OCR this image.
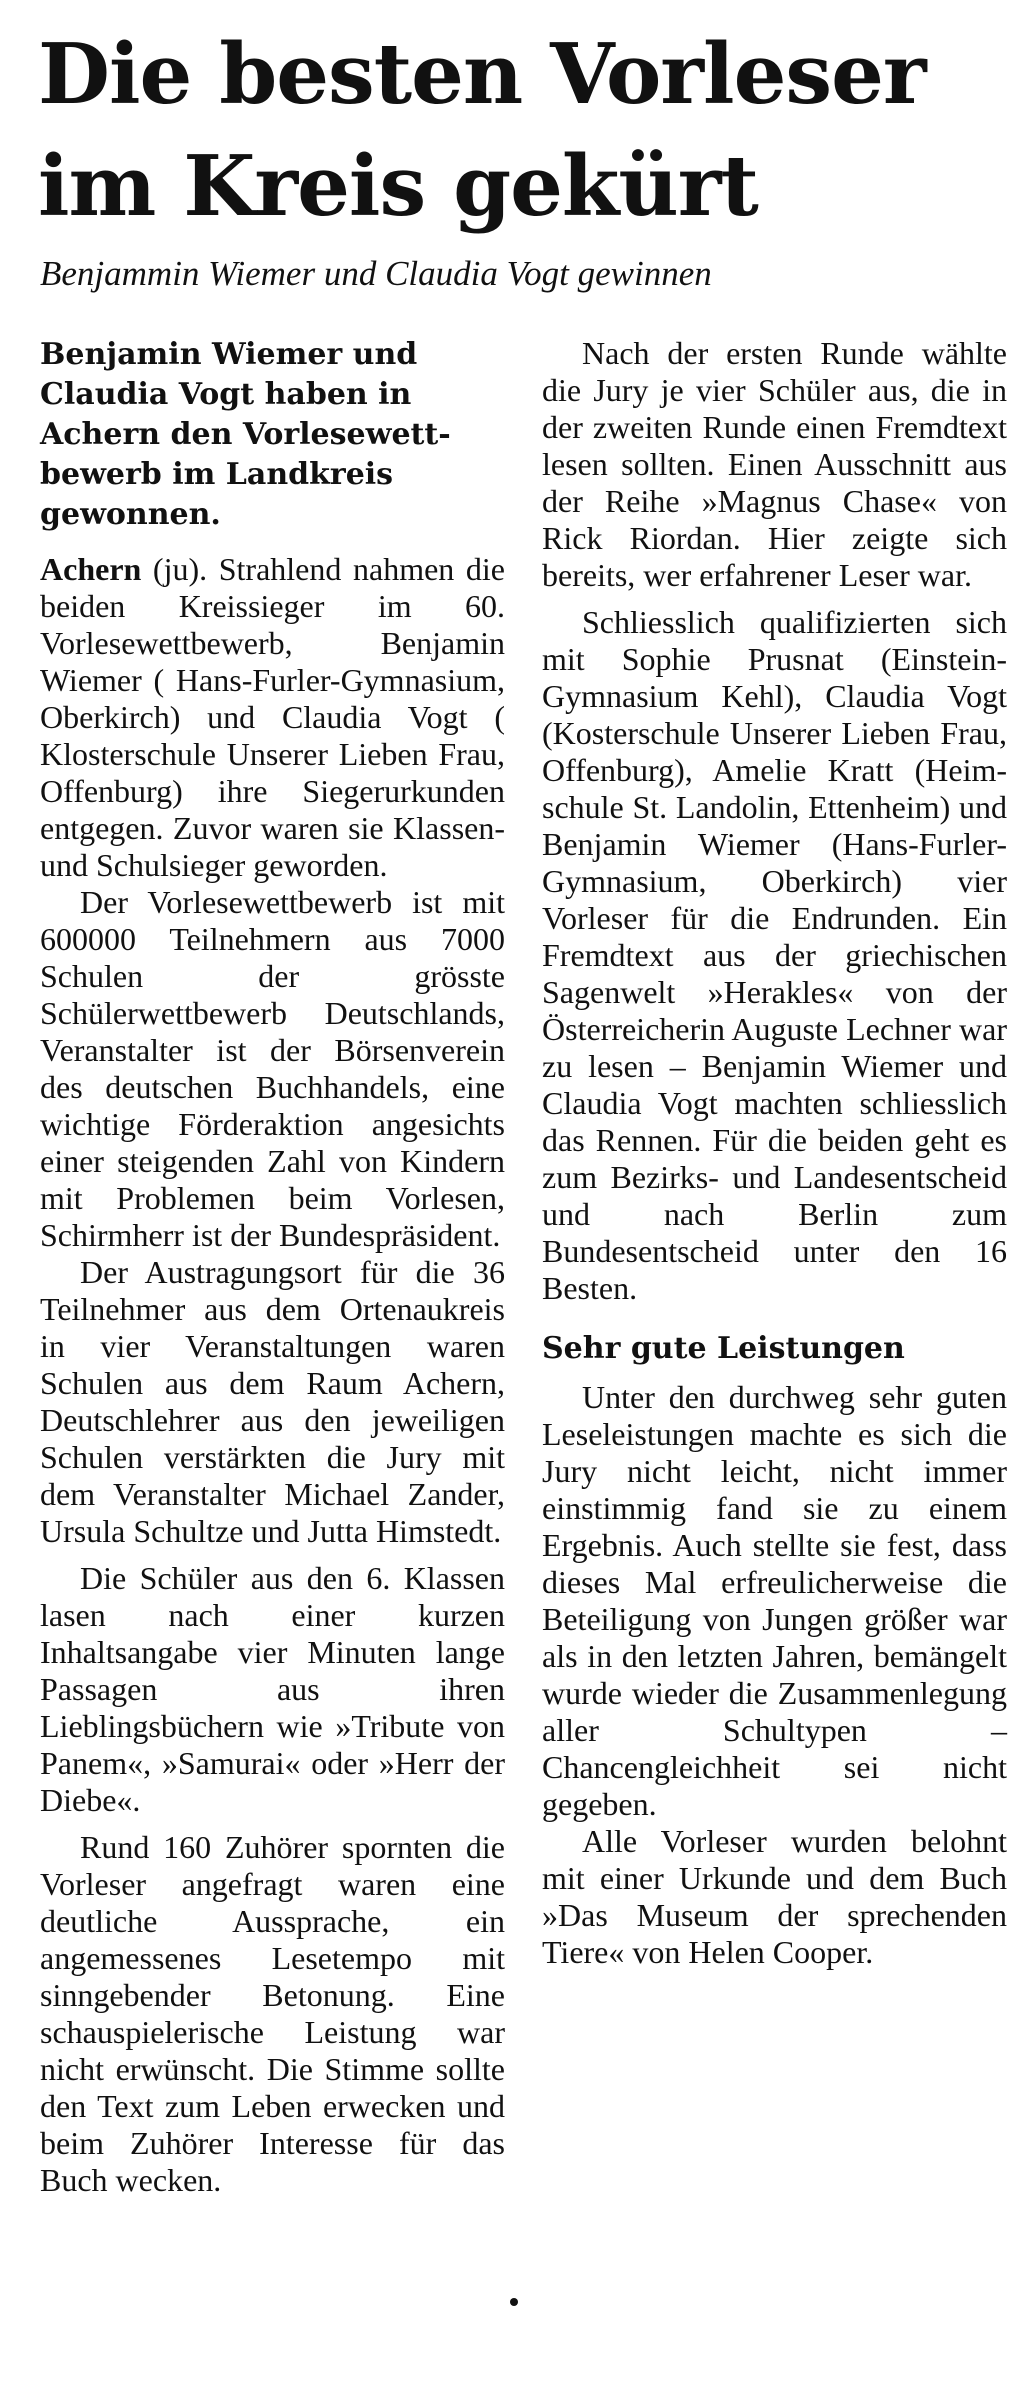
Die besten Vorleser im Kreis gekürt
Benjammin Wiemer und Claudia Vogt gewinnen
Benjamin Wiemer und Claudia Vogt haben in Achern den Vorlesewettbewerb im Landkreis gewonnen.

Achern (ju). Strahlend nahmen die beiden Kreissieger im 60. Vorlesewettbewerb, Benjamin Wiemer ( Hans-Furler-Gymnasium, Oberkirch) und Claudia Vogt ( Klosterschule Unserer Lieben Frau, Offenburg) ihre Siegerurkunden entgegen. Zuvor waren sie Klassen- und Schulsieger geworden.

Der Vorlesewettbewerb ist mit 600000 Teilnehmern aus 7000 Schulen der grösste Schülerwettbewerb Deutschlands, Veranstalter ist der Börsenverein des deutschen Buchhandels, eine wichtige Förderaktion angesichts einer steigenden Zahl von Kindern mit Problemen beim Vorlesen, Schirmherr ist der Bundespräsident.

Der Austragungsort für die 36 Teilnehmer aus dem Ortenaukreis in vier Veranstaltungen waren Schulen aus dem Raum Achern, Deutschlehrer aus den jeweiligen Schulen verstärkten die Jury mit dem Veranstalter Michael Zander, Ursula Schultze und Jutta Himstedt.

Die Schüler aus den 6. Klassen lasen nach einer kurzen Inhaltsangabe vier Minuten lange Passagen aus ihren Lieblingsbüchern wie »Tribute von Panem«, »Samurai« oder »Herr der Diebe«.

Rund 160 Zuhörer spornten die Vorleser angefragt waren eine deutliche Aussprache, ein angemessenes Lesetempo mit sinngebender Betonung. Eine schauspielerische Leistung war nicht erwünscht. Die Stimme sollte den Text zum Leben erwecken und beim Zuhörer Interesse für das Buch wecken.

Nach der ersten Runde wählte die Jury je vier Schüler aus, die in der zweiten Runde einen Fremdtext lesen sollten. Einen Ausschnitt aus der Reihe »Magnus Chase« von Rick Riordan. Hier zeigte sich bereits, wer erfahrener Leser war.

Schliesslich qualifizierten sich mit Sophie Prusnat (Einstein-Gymnasium Kehl), Claudia Vogt (Kosterschule Unserer Lieben Frau, Offenburg), Amelie Kratt (Heimschule St. Landolin, Ettenheim) und Benjamin Wiemer (Hans-Furler-Gymnasium, Oberkirch) vier Vorleser für die Endrunden. Ein Fremdtext aus der griechischen Sagenwelt »Herakles« von der Österreicherin Auguste Lechner war zu lesen – Benjamin Wiemer und Claudia Vogt machten schliesslich das Rennen. Für die beiden geht es zum Bezirks- und Landesentscheid und nach Berlin zum Bundesentscheid unter den 16 Besten.

Sehr gute Leistungen

Unter den durchweg sehr guten Leseleistungen machte es sich die Jury nicht leicht, nicht immer einstimmig fand sie zu einem Ergebnis. Auch stellte sie fest, dass dieses Mal erfreulicherweise die Beteiligung von Jungen größer war als in den letzten Jahren, bemängelt wurde wieder die Zusammenlegung aller Schultypen – Chancengleichheit sei nicht gegeben.

Alle Vorleser wurden belohnt mit einer Urkunde und dem Buch »Das Museum der sprechenden Tiere« von Helen Cooper.
